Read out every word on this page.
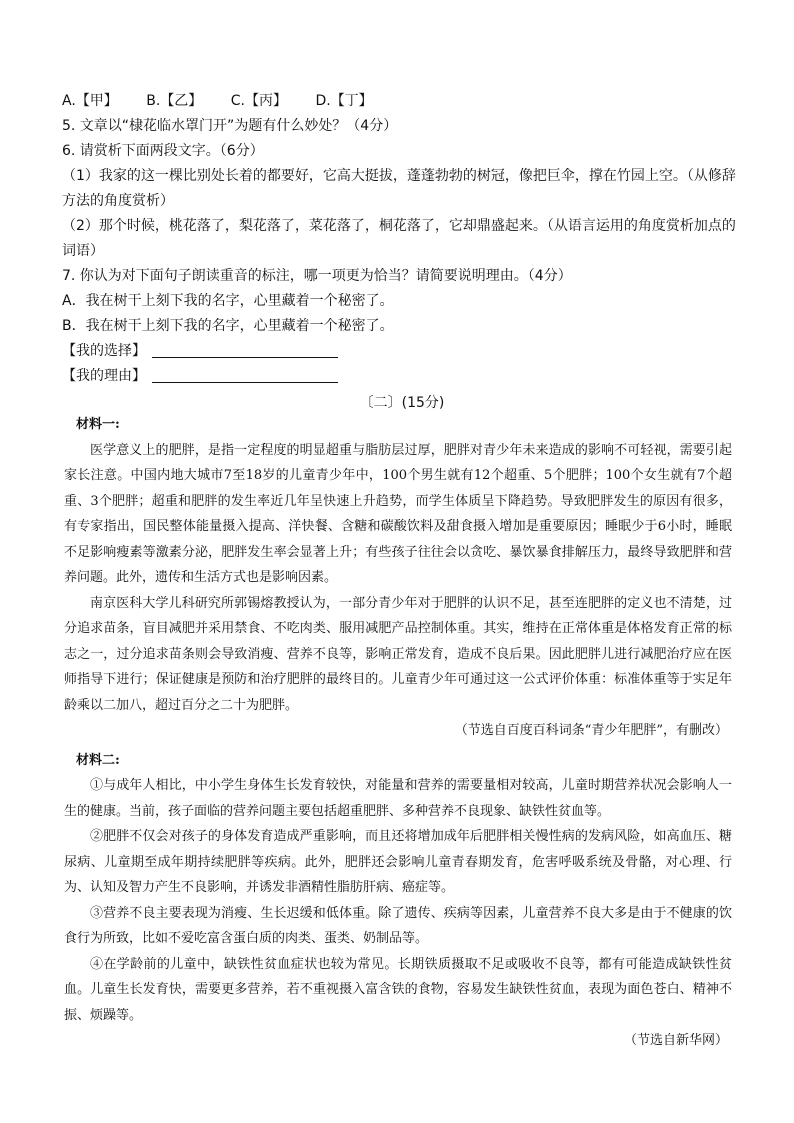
A.【甲】 B.【乙】 C.【丙】 D.【丁】
5. 文章以“棣花临水罩门开”为题有什么妙处？（4分）
6. 请赏析下面两段文字。（6分）
（1）我家的这一棵比别处长着的都要好，它高大挺拔，蓬蓬勃勃的树冠，像把巨伞，撑在竹园上空。（从修辞方法的角度赏析）
（2）那个时候，桃花落了，梨花落了，菜花落了，桐花落了，它却鼎盛起来。（从语言运用的角度赏析加点的词语）
7. 你认为对下面句子朗读重音的标注，哪一项更为恰当？请简要说明理由。（4分）
A．我在树干上刻下我的名字，心里藏着一个秘密了。
B．我在树干上刻下我的名字，心里藏着一个秘密了。
【我的选择】
【我的理由】
〔二〕(15分)
材料一:

医学意义上的肥胖，是指一定程度的明显超重与脂肪层过厚，肥胖对青少年未来造成的影响不可轻视，需要引起家长注意。中国内地大城市7至18岁的儿童青少年中，100个男生就有12个超重、5个肥胖；100个女生就有7个超重、3个肥胖；超重和肥胖的发生率近几年呈快速上升趋势，而学生体质呈下降趋势。导致肥胖发生的原因有很多，有专家指出，国民整体能量摄入提高、洋快餐、含糖和碳酸饮料及甜食摄入增加是重要原因；睡眠少于6小时，睡眠不足影响瘦素等激素分泌，肥胖发生率会显著上升；有些孩子往往会以贪吃、暴饮暴食排解压力，最终导致肥胖和营养问题。此外，遗传和生活方式也是影响因素。

南京医科大学儿科研究所郭锡熔教授认为，一部分青少年对于肥胖的认识不足，甚至连肥胖的定义也不清楚，过分追求苗条，盲目减肥并采用禁食、不吃肉类、服用减肥产品控制体重。其实，维持在正常体重是体格发育正常的标志之一，过分追求苗条则会导致消瘦、营养不良等，影响正常发育，造成不良后果。因此肥胖儿进行减肥治疗应在医师指导下进行；保证健康是预防和治疗肥胖的最终目的。儿童青少年可通过这一公式评价体重：标准体重等于实足年龄乘以二加八，超过百分之二十为肥胖。

（节选自百度百科词条“青少年肥胖”，有删改）
材料二:

①与成年人相比，中小学生身体生长发育较快，对能量和营养的需要量相对较高，儿童时期营养状况会影响人一生的健康。当前，孩子面临的营养问题主要包括超重肥胖、多种营养不良现象、缺铁性贫血等。

②肥胖不仅会对孩子的身体发育造成严重影响，而且还将增加成年后肥胖相关慢性病的发病风险，如高血压、糖尿病、儿童期至成年期持续肥胖等疾病。此外，肥胖还会影响儿童青春期发育，危害呼吸系统及骨骼，对心理、行为、认知及智力产生不良影响，并诱发非酒精性脂肪肝病、癌症等。

③营养不良主要表现为消瘦、生长迟缓和低体重。除了遗传、疾病等因素，儿童营养不良大多是由于不健康的饮食行为所致，比如不爱吃富含蛋白质的肉类、蛋类、奶制品等。

④在学龄前的儿童中，缺铁性贫血症状也较为常见。长期铁质摄取不足或吸收不良等，都有可能造成缺铁性贫血。儿童生长发育快，需要更多营养，若不重视摄入富含铁的食物，容易发生缺铁性贫血，表现为面色苍白、精神不振、烦躁等。

（节选自新华网）
